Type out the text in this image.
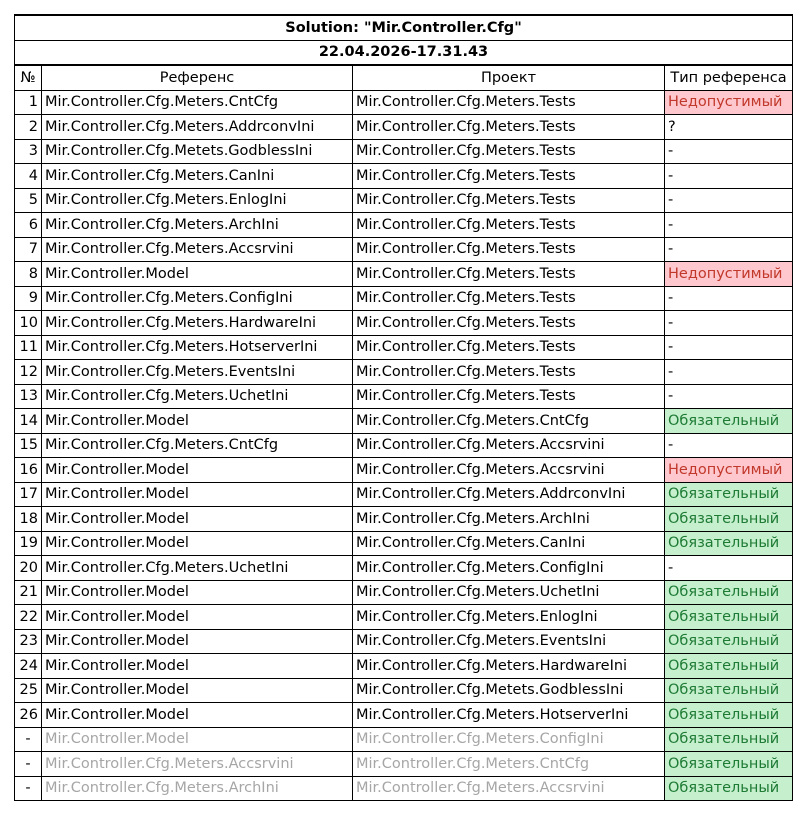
Solution: "Mir.Controller.Cfg"			
22.04.2026-17.31.43			
№	Референс	Проект	Тип референса
1	Mir.Controller.Cfg.Meters.CntCfg	Mir.Controller.Cfg.Meters.Tests	Недопустимый
2	Mir.Controller.Cfg.Meters.AddrconvIni	Mir.Controller.Cfg.Meters.Tests	?
3	Mir.Controller.Cfg.Metets.GodblessIni	Mir.Controller.Cfg.Meters.Tests	-
4	Mir.Controller.Cfg.Meters.CanIni	Mir.Controller.Cfg.Meters.Tests	-
5	Mir.Controller.Cfg.Meters.EnlogIni	Mir.Controller.Cfg.Meters.Tests	-
6	Mir.Controller.Cfg.Meters.ArchIni	Mir.Controller.Cfg.Meters.Tests	-
7	Mir.Controller.Cfg.Meters.Accsrvini	Mir.Controller.Cfg.Meters.Tests	-
8	Mir.Controller.Model	Mir.Controller.Cfg.Meters.Tests	Недопустимый
9	Mir.Controller.Cfg.Meters.ConfigIni	Mir.Controller.Cfg.Meters.Tests	-
10	Mir.Controller.Cfg.Meters.HardwareIni	Mir.Controller.Cfg.Meters.Tests	-
11	Mir.Controller.Cfg.Meters.HotserverIni	Mir.Controller.Cfg.Meters.Tests	-
12	Mir.Controller.Cfg.Meters.EventsIni	Mir.Controller.Cfg.Meters.Tests	-
13	Mir.Controller.Cfg.Meters.UchetIni	Mir.Controller.Cfg.Meters.Tests	-
14	Mir.Controller.Model	Mir.Controller.Cfg.Meters.CntCfg	Обязательный
15	Mir.Controller.Cfg.Meters.CntCfg	Mir.Controller.Cfg.Meters.Accsrvini	-
16	Mir.Controller.Model	Mir.Controller.Cfg.Meters.Accsrvini	Недопустимый
17	Mir.Controller.Model	Mir.Controller.Cfg.Meters.AddrconvIni	Обязательный
18	Mir.Controller.Model	Mir.Controller.Cfg.Meters.ArchIni	Обязательный
19	Mir.Controller.Model	Mir.Controller.Cfg.Meters.CanIni	Обязательный
20	Mir.Controller.Cfg.Meters.UchetIni	Mir.Controller.Cfg.Meters.ConfigIni	-
21	Mir.Controller.Model	Mir.Controller.Cfg.Meters.UchetIni	Обязательный
22	Mir.Controller.Model	Mir.Controller.Cfg.Meters.EnlogIni	Обязательный
23	Mir.Controller.Model	Mir.Controller.Cfg.Meters.EventsIni	Обязательный
24	Mir.Controller.Model	Mir.Controller.Cfg.Meters.HardwareIni	Обязательный
25	Mir.Controller.Model	Mir.Controller.Cfg.Metets.GodblessIni	Обязательный
26	Mir.Controller.Model	Mir.Controller.Cfg.Meters.HotserverIni	Обязательный
-	Mir.Controller.Model	Mir.Controller.Cfg.Meters.ConfigIni	Обязательный
-	Mir.Controller.Cfg.Meters.Accsrvini	Mir.Controller.Cfg.Meters.CntCfg	Обязательный
-	Mir.Controller.Cfg.Meters.ArchIni	Mir.Controller.Cfg.Meters.Accsrvini	Обязательный
